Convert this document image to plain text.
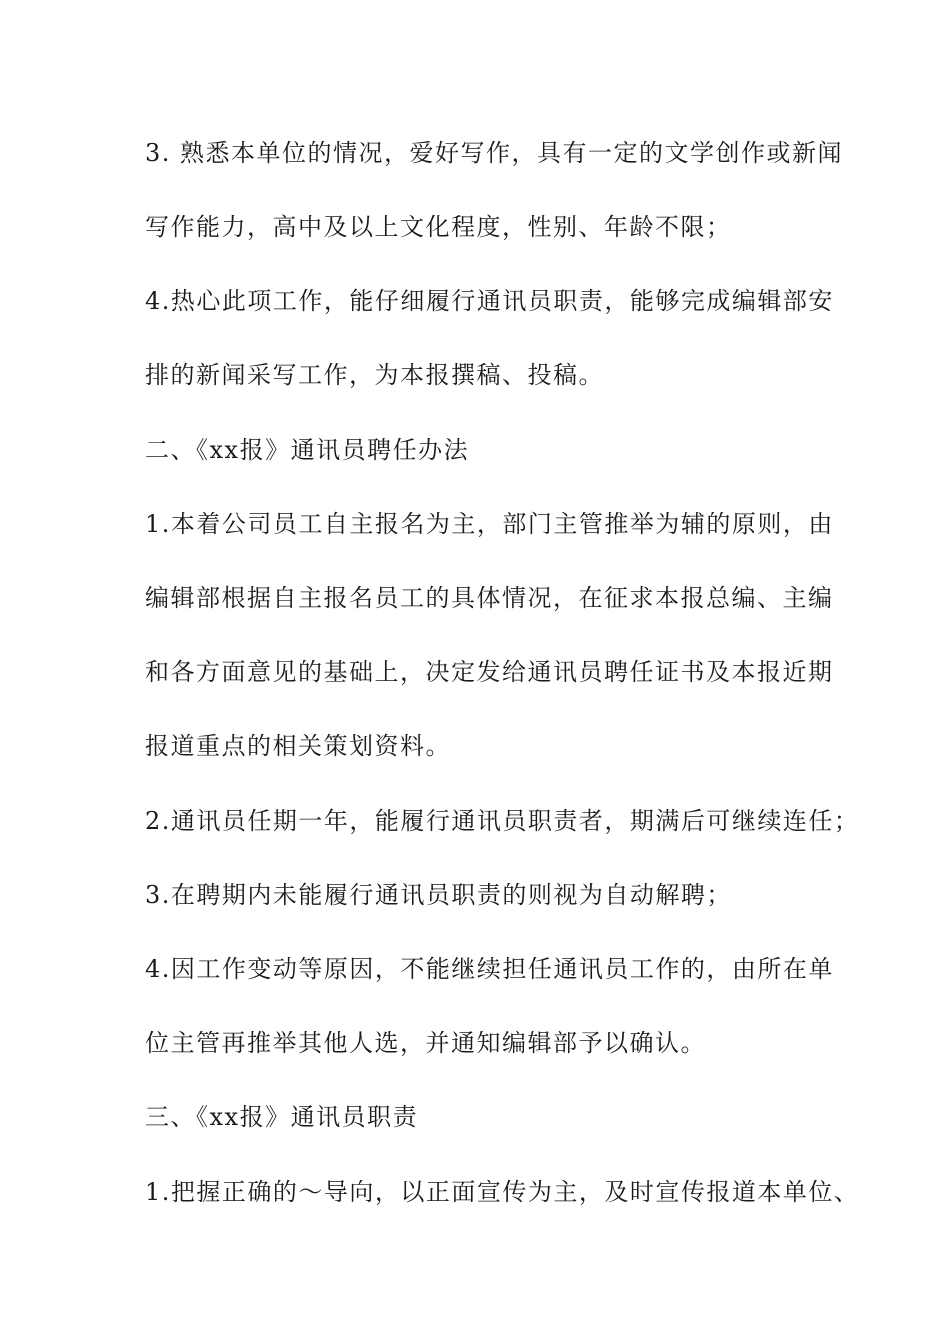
3. 熟悉本单位的情况，爱好写作，具有一定的文学创作或新闻
写作能力，高中及以上文化程度，性别、年龄不限；
4.热心此项工作，能仔细履行通讯员职责，能够完成编辑部安
排的新闻采写工作，为本报撰稿、投稿。
二、《xx报》通讯员聘任办法
1.本着公司员工自主报名为主，部门主管推举为辅的原则，由
编辑部根据自主报名员工的具体情况，在征求本报总编、主编
和各方面意见的基础上，决定发给通讯员聘任证书及本报近期
报道重点的相关策划资料。
2.通讯员任期一年，能履行通讯员职责者，期满后可继续连任；
3.在聘期内未能履行通讯员职责的则视为自动解聘；
4.因工作变动等原因，不能继续担任通讯员工作的，由所在单
位主管再推举其他人选，并通知编辑部予以确认。
三、《xx报》通讯员职责
1.把握正确的～导向，以正面宣传为主，及时宣传报道本单位、
